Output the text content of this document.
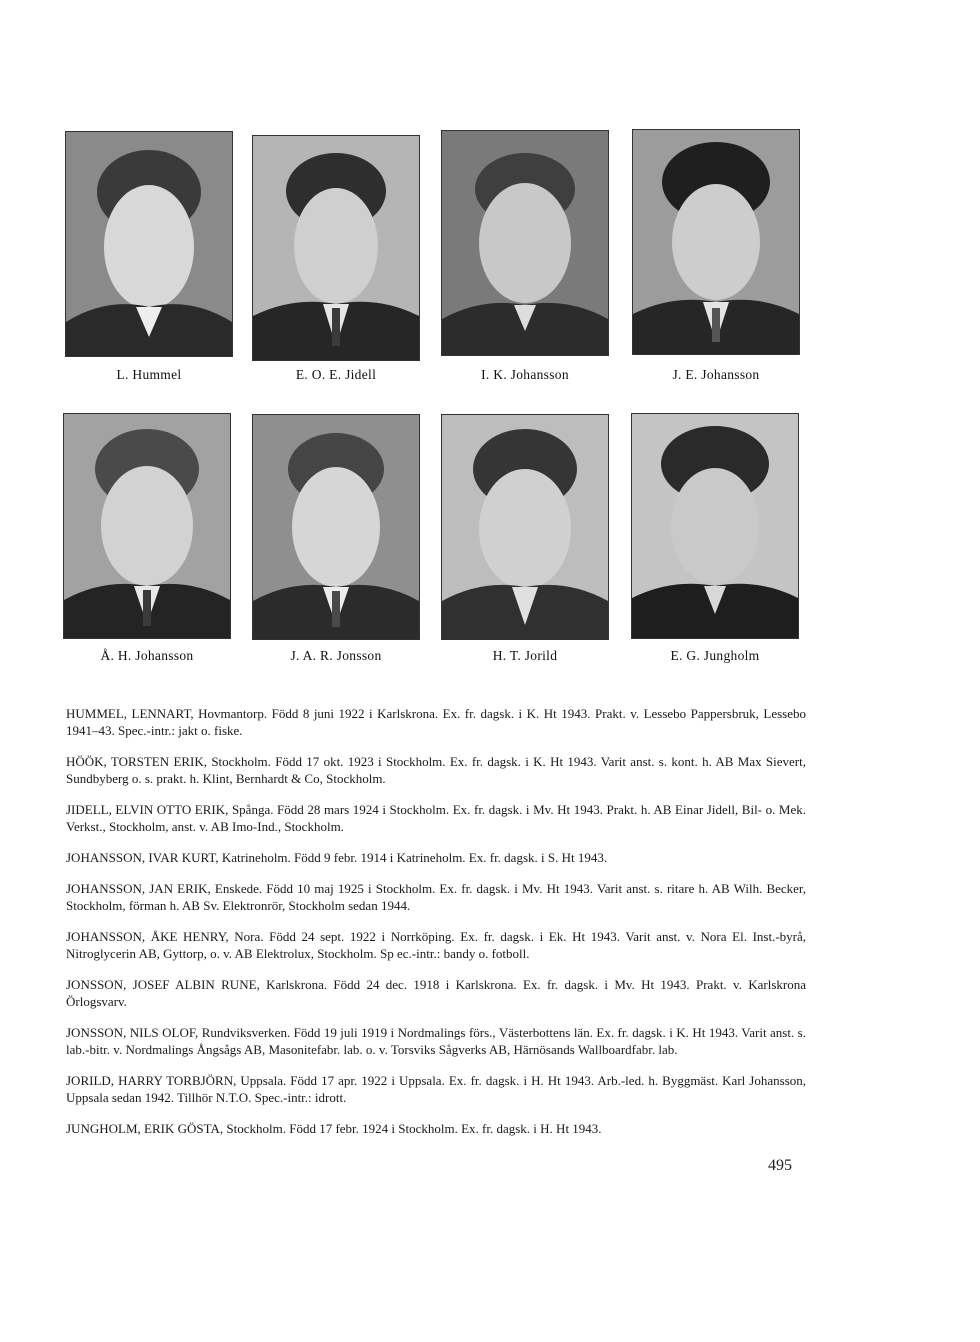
L. Hummel	E. O. E. Jidell	I. K. Johansson	J. E. Johansson
Å. H. Johansson	J. A. R. Jonsson	H. T. Jorild	E. G. Jungholm

HUMMEL, LENNART, Hovmantorp. Född 8 juni 1922 i Karlskrona. Ex. fr. dagsk. i K. Ht 1943. Prakt. v. Lessebo Pappersbruk, Lessebo 1941–43. Spec.-intr.: jakt o. fiske.

HÖÖK, TORSTEN ERIK, Stockholm. Född 17 okt. 1923 i Stockholm. Ex. fr. dagsk. i K. Ht 1943. Varit anst. s. kont. h. AB Max Sievert, Sundbyberg o. s. prakt. h. Klint, Bernhardt & Co, Stockholm.

JIDELL, ELVIN OTTO ERIK, Spånga. Född 28 mars 1924 i Stockholm. Ex. fr. dagsk. i Mv. Ht 1943. Prakt. h. AB Einar Jidell, Bil- o. Mek. Verkst., Stockholm, anst. v. AB Imo-Ind., Stockholm.

JOHANSSON, IVAR KURT, Katrineholm. Född 9 febr. 1914 i Katrineholm. Ex. fr. dagsk. i S. Ht 1943.

JOHANSSON, JAN ERIK, Enskede. Född 10 maj 1925 i Stockholm. Ex. fr. dagsk. i Mv. Ht 1943. Varit anst. s. ritare h. AB Wilh. Becker, Stockholm, förman h. AB Sv. Elektronrör, Stockholm sedan 1944.

JOHANSSON, ÅKE HENRY, Nora. Född 24 sept. 1922 i Norrköping. Ex. fr. dagsk. i Ek. Ht 1943. Varit anst. v. Nora El. Inst.-byrå, Nitroglycerin AB, Gyttorp, o. v. AB Elektrolux, Stockholm. Sp ec.-intr.: bandy o. fotboll.

JONSSON, JOSEF ALBIN RUNE, Karlskrona. Född 24 dec. 1918 i Karlskrona. Ex. fr. dagsk. i Mv. Ht 1943. Prakt. v. Karlskrona Örlogsvarv.

JONSSON, NILS OLOF, Rundviksverken. Född 19 juli 1919 i Nordmalings förs., Västerbottens län. Ex. fr. dagsk. i K. Ht 1943. Varit anst. s. lab.-bitr. v. Nordmalings Ångsågs AB, Masonitefabr. lab. o. v. Torsviks Sågverks AB, Härnösands Wallboardfabr. lab.

JORILD, HARRY TORBJÖRN, Uppsala. Född 17 apr. 1922 i Uppsala. Ex. fr. dagsk. i H. Ht 1943. Arb.-led. h. Byggmäst. Karl Johansson, Uppsala sedan 1942. Tillhör N.T.O. Spec.-intr.: idrott.

JUNGHOLM, ERIK GÖSTA, Stockholm. Född 17 febr. 1924 i Stockholm. Ex. fr. dagsk. i H. Ht 1943.

495
